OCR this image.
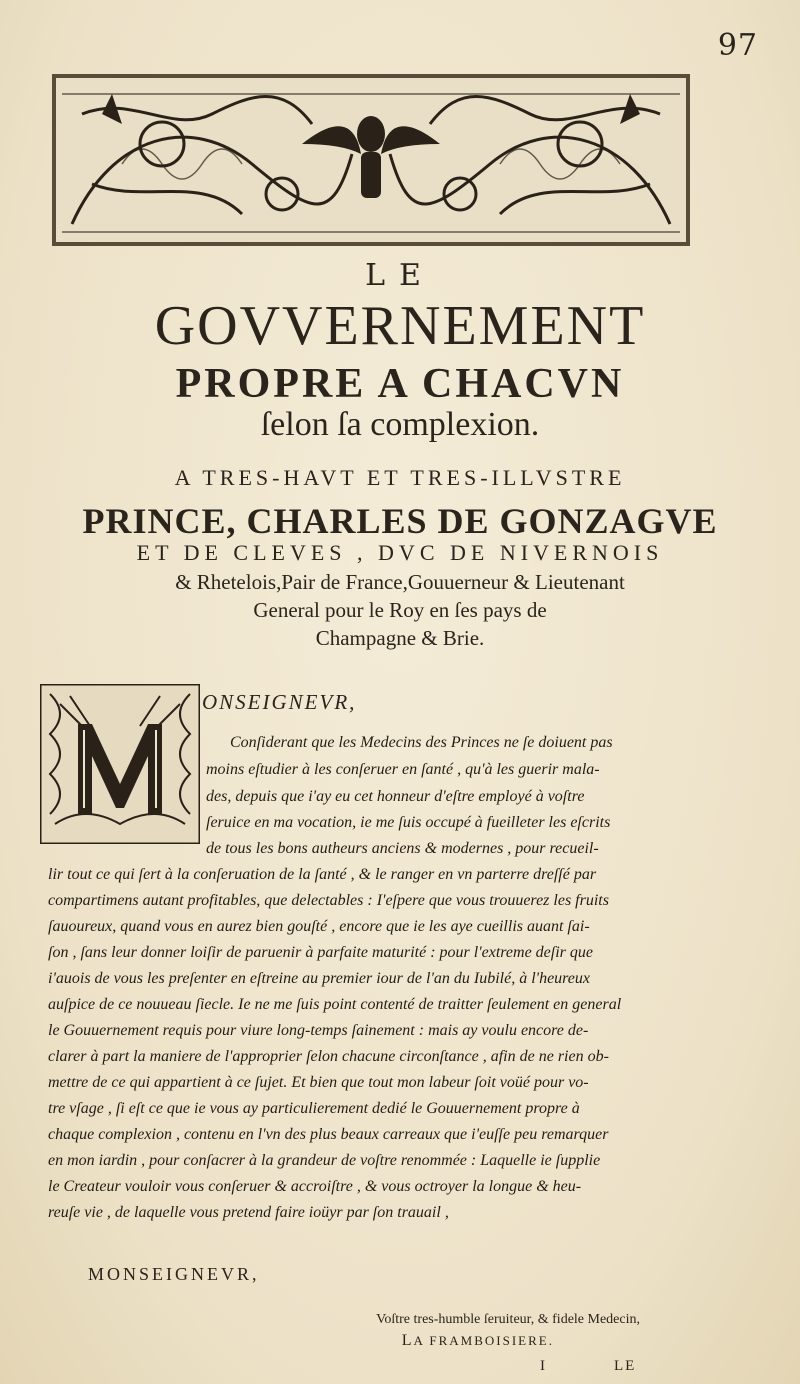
97
LE
GOVVERNEMENT
PROPRE A CHACVN
ſelon ſa complexion.
A TRES-HAVT ET TRES-ILLVSTRE
PRINCE, CHARLES DE GONZAGVE
ET DE CLEVES , DVC DE NIVERNOIS
& Rhetelois,Pair de France,Gouuerneur & Lieutenant
General pour le Roy en ſes pays de
Champagne & Brie.
ONSEIGNEVR,
Conſiderant que les Medecins des Princes ne ſe doiuent pas
moins eſtudier à les conſeruer en ſanté , qu'à les guerir mala-
des, depuis que i'ay eu cet honneur d'eſtre employé à voſtre
ſeruice en ma vocation, ie me ſuis occupé à fueilleter les eſcrits
de tous les bons autheurs anciens & modernes , pour recueil-
lir tout ce qui ſert à la conſeruation de la ſanté , & le ranger en vn parterre dreſſé par
compartimens autant profitables, que delectables : I'eſpere que vous trouuerez les fruits
ſauoureux, quand vous en aurez bien gouſté , encore que ie les aye cueillis auant ſai-
ſon , ſans leur donner loiſir de paruenir à parfaite maturité : pour l'extreme deſir que
i'auois de vous les preſenter en eſtreine au premier iour de l'an du Iubilé, à l'heureux
auſpice de ce nouueau ſiecle. Ie ne me ſuis point contenté de traitter ſeulement en general
le Gouuernement requis pour viure long-temps ſainement : mais ay voulu encore de-
clarer à part la maniere de l'approprier ſelon chacune circonſtance , afin de ne rien ob-
mettre de ce qui appartient à ce ſujet. Et bien que tout mon labeur ſoit voüé pour vo-
tre vſage , ſi eſt ce que ie vous ay particulierement dedié le Gouuernement propre à
chaque complexion , contenu en l'vn des plus beaux carreaux que i'euſſe peu remarquer
en mon iardin , pour conſacrer à la grandeur de voſtre renommée : Laquelle ie ſupplie
le Createur vouloir vous conſeruer & accroiſtre , & vous octroyer la longue & heu-
reuſe vie , de laquelle vous pretend faire ioüyr par ſon trauail ,
MONSEIGNEVR,
Voſtre tres-humble ſeruiteur, & fidele Medecin,
LA FRAMBOISIERE.
I	LE
